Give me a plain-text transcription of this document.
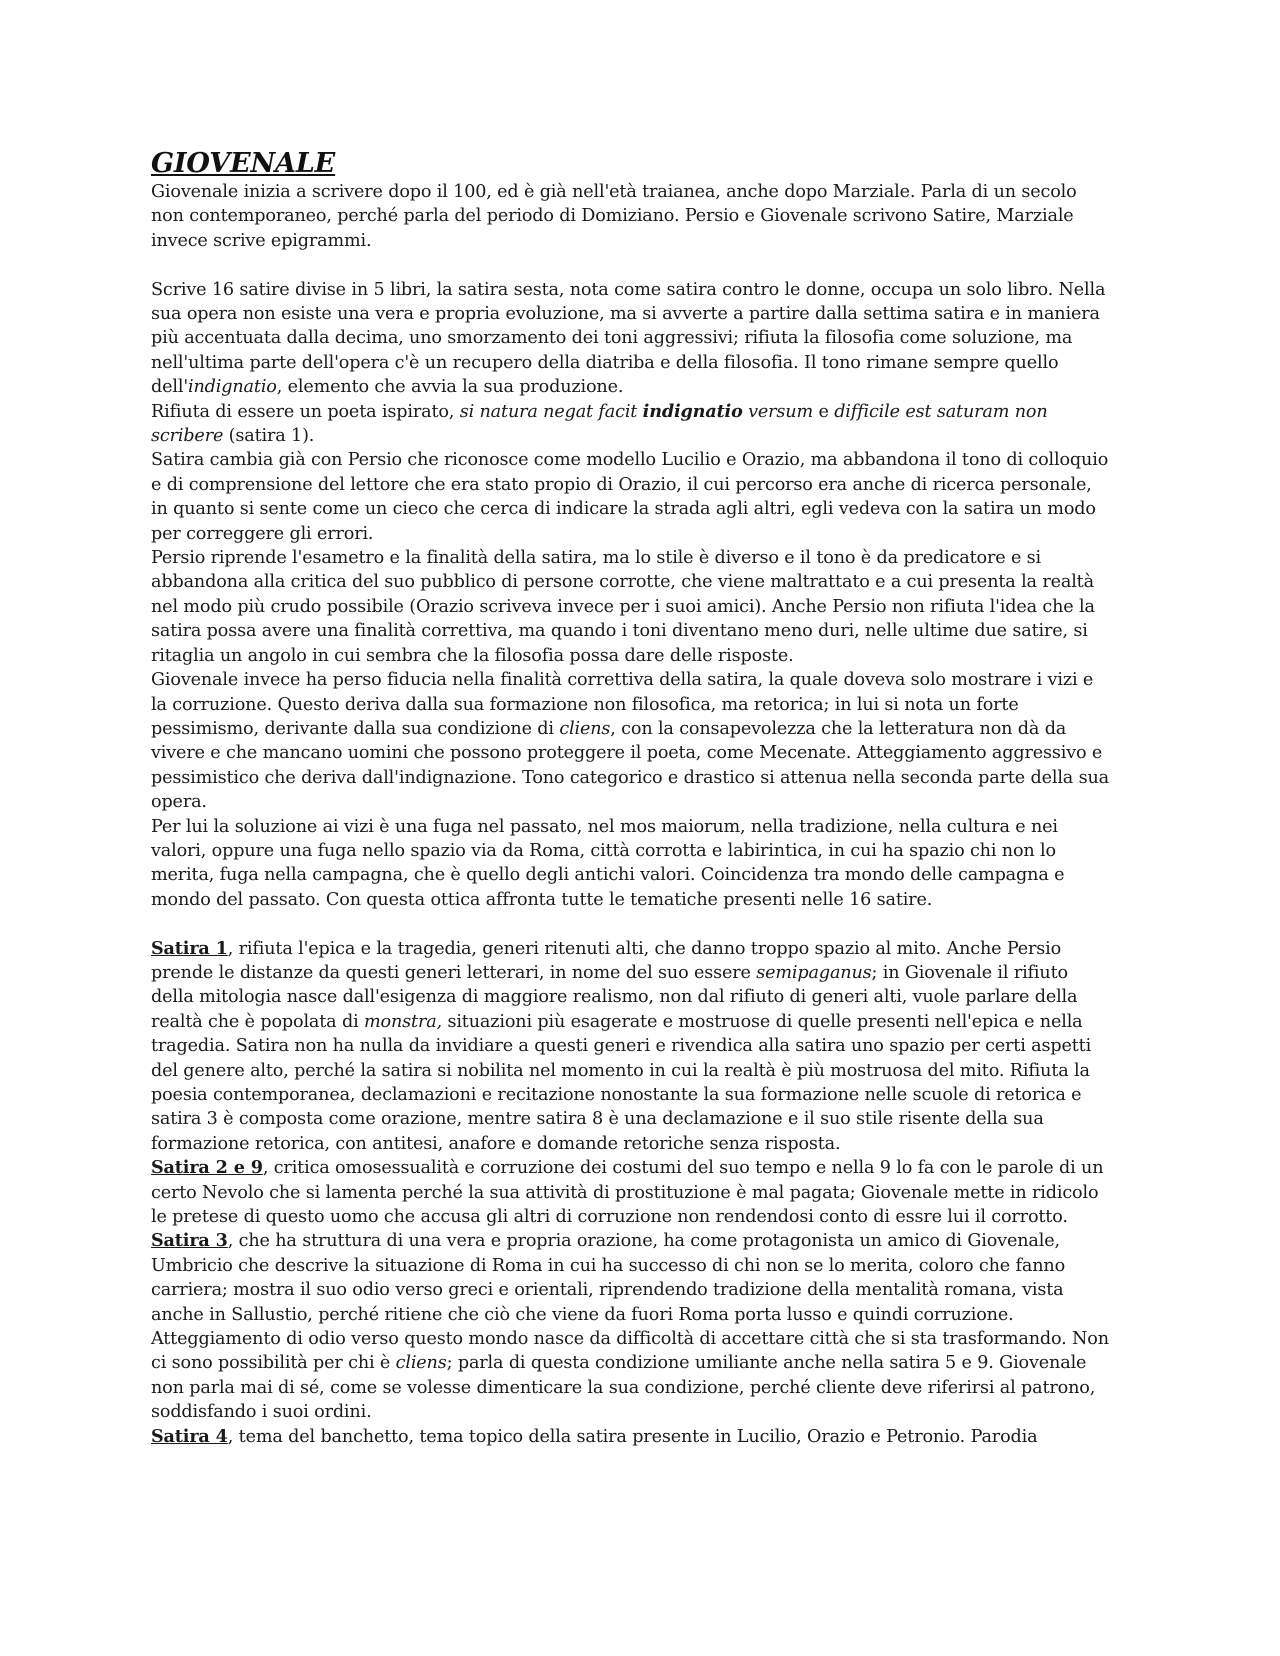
GIOVENALE

Giovenale inizia a scrivere dopo il 100, ed è già nell'età traianea, anche dopo Marziale. Parla di un secolo non contemporaneo, perché parla del periodo di Domiziano. Persio e Giovenale scrivono Satire, Marziale invece scrive epigrammi.

Scrive 16 satire divise in 5 libri, la satira sesta, nota come satira contro le donne, occupa un solo libro. Nella sua opera non esiste una vera e propria evoluzione, ma si avverte a partire dalla settima satira e in maniera più accentuata dalla decima, uno smorzamento dei toni aggressivi; rifiuta la filosofia come soluzione, ma nell'ultima parte dell'opera c'è un recupero della diatriba e della filosofia. Il tono rimane sempre quello dell'indignatio, elemento che avvia la sua produzione.

Rifiuta di essere un poeta ispirato, si natura negat facit indignatio versum e difficile est saturam non scribere (satira 1).

Satira cambia già con Persio che riconosce come modello Lucilio e Orazio, ma abbandona il tono di colloquio e di comprensione del lettore che era stato propio di Orazio, il cui percorso era anche di ricerca personale, in quanto si sente come un cieco che cerca di indicare la strada agli altri, egli vedeva con la satira un modo per correggere gli errori.

Persio riprende l'esametro e la finalità della satira, ma lo stile è diverso e il tono è da predicatore e si abbandona alla critica del suo pubblico di persone corrotte, che viene maltrattato e a cui presenta la realtà nel modo più crudo possibile (Orazio scriveva invece per i suoi amici). Anche Persio non rifiuta l'idea che la satira possa avere una finalità correttiva, ma quando i toni diventano meno duri, nelle ultime due satire, si ritaglia un angolo in cui sembra che la filosofia possa dare delle risposte.

Giovenale invece ha perso fiducia nella finalità correttiva della satira, la quale doveva solo mostrare i vizi e la corruzione. Questo deriva dalla sua formazione non filosofica, ma retorica; in lui si nota un forte pessimismo, derivante dalla sua condizione di cliens, con la consapevolezza che la letteratura non dà da vivere e che mancano uomini che possono proteggere il poeta, come Mecenate. Atteggiamento aggressivo e pessimistico che deriva dall'indignazione. Tono categorico e drastico si attenua nella seconda parte della sua opera.

Per lui la soluzione ai vizi è una fuga nel passato, nel mos maiorum, nella tradizione, nella cultura e nei valori, oppure una fuga nello spazio via da Roma, città corrotta e labirintica, in cui ha spazio chi non lo merita, fuga nella campagna, che è quello degli antichi valori. Coincidenza tra mondo delle campagna e mondo del passato. Con questa ottica affronta tutte le tematiche presenti nelle 16 satire.

Satira 1, rifiuta l'epica e la tragedia, generi ritenuti alti, che danno troppo spazio al mito. Anche Persio prende le distanze da questi generi letterari, in nome del suo essere semipaganus; in Giovenale il rifiuto della mitologia nasce dall'esigenza di maggiore realismo, non dal rifiuto di generi alti, vuole parlare della realtà che è popolata di monstra, situazioni più esagerate e mostruose di quelle presenti nell'epica e nella tragedia. Satira non ha nulla da invidiare a questi generi e rivendica alla satira uno spazio per certi aspetti del genere alto, perché la satira si nobilita nel momento in cui la realtà è più mostruosa del mito. Rifiuta la poesia contemporanea, declamazioni e recitazione nonostante la sua formazione nelle scuole di retorica e satira 3 è composta come orazione, mentre satira 8 è una declamazione e il suo stile risente della sua formazione retorica, con antitesi, anafore e domande retoriche senza risposta.

Satira 2 e 9, critica omosessualità e corruzione dei costumi del suo tempo e nella 9 lo fa con le parole di un certo Nevolo che si lamenta perché la sua attività di prostituzione è mal pagata; Giovenale mette in ridicolo le pretese di questo uomo che accusa gli altri di corruzione non rendendosi conto di essre lui il corrotto.

Satira 3, che ha struttura di una vera e propria orazione, ha come protagonista un amico di Giovenale, Umbricio che descrive la situazione di Roma in cui ha successo di chi non se lo merita, coloro che fanno carriera; mostra il suo odio verso greci e orientali, riprendendo tradizione della mentalità romana, vista anche in Sallustio, perché ritiene che ciò che viene da fuori Roma porta lusso e quindi corruzione. Atteggiamento di odio verso questo mondo nasce da difficoltà di accettare città che si sta trasformando. Non ci sono possibilità per chi è cliens; parla di questa condizione umiliante anche nella satira 5 e 9. Giovenale non parla mai di sé, come se volesse dimenticare la sua condizione, perché cliente deve riferirsi al patrono, soddisfando i suoi ordini.

Satira 4, tema del banchetto, tema topico della satira presente in Lucilio, Orazio e Petronio. Parodia
